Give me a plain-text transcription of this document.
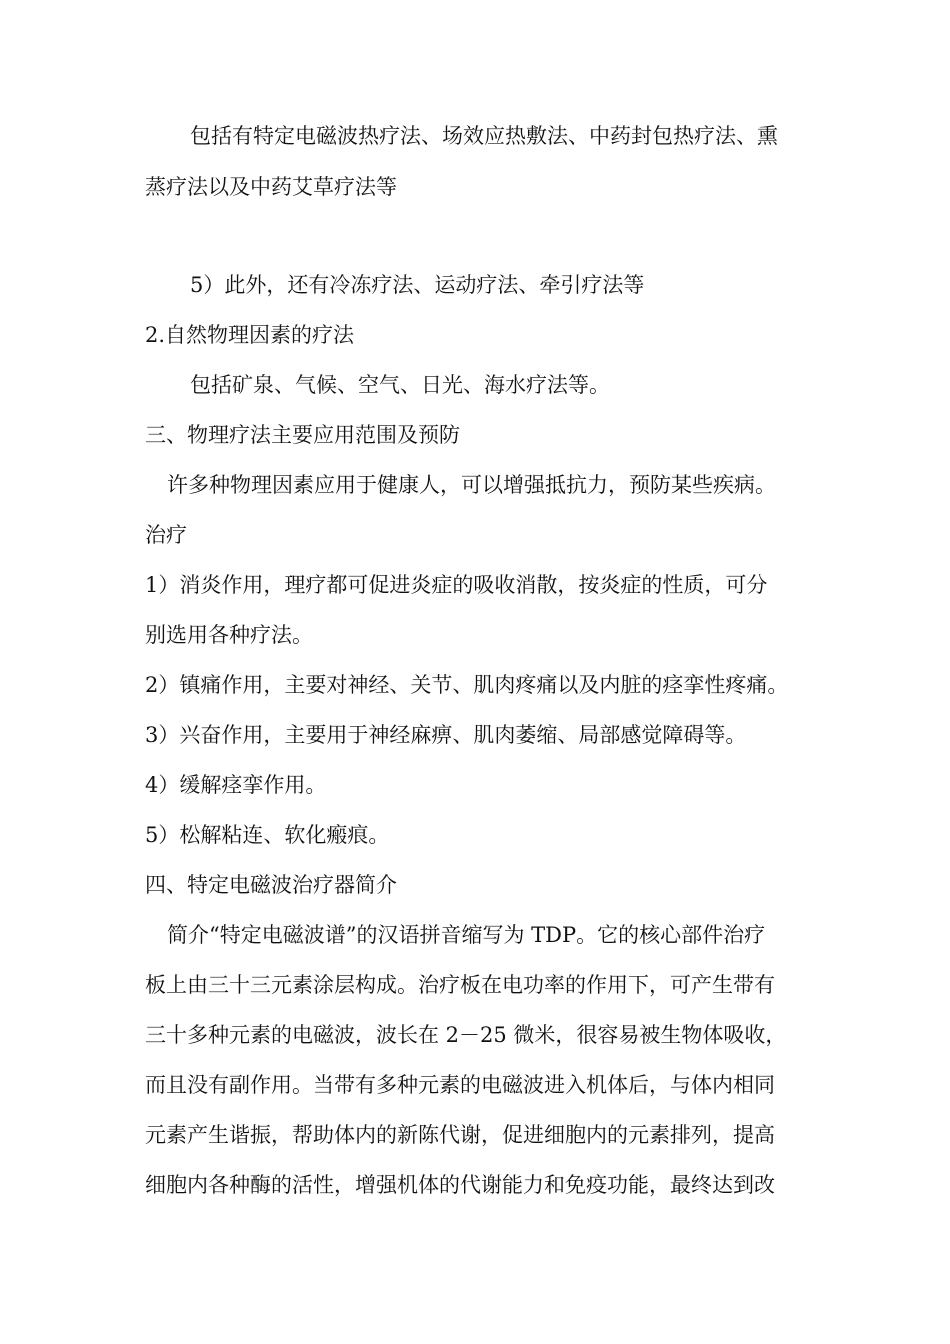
包括有特定电磁波热疗法、场效应热敷法、中药封包热疗法、熏
蒸疗法以及中药艾草疗法等
5）此外，还有冷冻疗法、运动疗法、牵引疗法等
2.自然物理因素的疗法
包括矿泉、气候、空气、日光、海水疗法等。
三、物理疗法主要应用范围及预防
许多种物理因素应用于健康人，可以增强抵抗力，预防某些疾病。
治疗
1）消炎作用，理疗都可促进炎症的吸收消散，按炎症的性质，可分
别选用各种疗法。
2）镇痛作用，主要对神经、关节、肌肉疼痛以及内脏的痉挛性疼痛。
3）兴奋作用，主要用于神经麻痹、肌肉萎缩、局部感觉障碍等。
4）缓解痉挛作用。
5）松解粘连、软化瘢痕。
四、特定电磁波治疗器简介
简介“特定电磁波谱”的汉语拼音缩写为 TDP。它的核心部件治疗
板上由三十三元素涂层构成。治疗板在电功率的作用下，可产生带有
三十多种元素的电磁波，波长在 2－25 微米，很容易被生物体吸收，
而且没有副作用。当带有多种元素的电磁波进入机体后，与体内相同
元素产生谐振，帮助体内的新陈代谢，促进细胞内的元素排列，提高
细胞内各种酶的活性，增强机体的代谢能力和免疫功能，最终达到改
